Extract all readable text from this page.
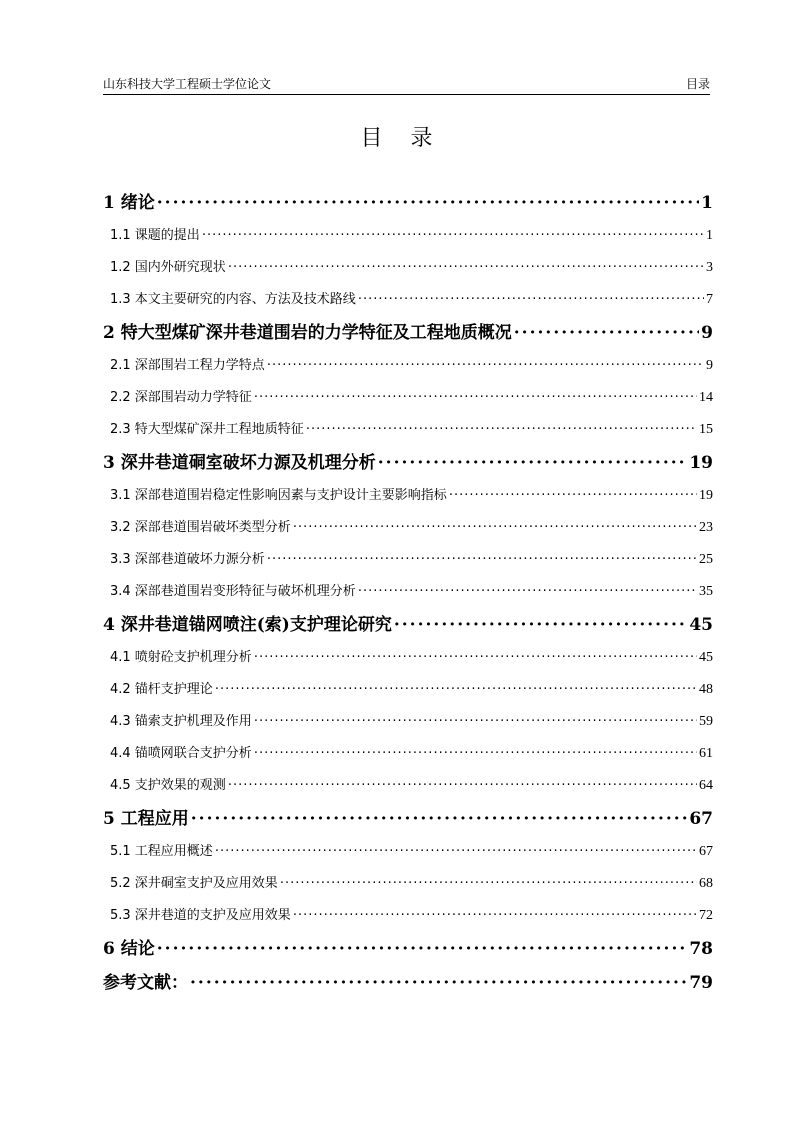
山东科技大学工程硕士学位论文	目录
目录
1 绪论 ·····	1
1.1 课题的提出 ·····	1
1.2 国内外研究现状 ·····	3
1.3 本文主要研究的内容、方法及技术路线 ·····	7
2 特大型煤矿深井巷道围岩的力学特征及工程地质概况 ·····	9
2.1 深部围岩工程力学特点 ·····	9
2.2 深部围岩动力学特征 ·····	14
2.3 特大型煤矿深井工程地质特征 ·····	15
3 深井巷道硐室破坏力源及机理分析 ·····	19
3.1 深部巷道围岩稳定性影响因素与支护设计主要影响指标 ·····	19
3.2 深部巷道围岩破坏类型分析 ·····	23
3.3 深部巷道破坏力源分析 ·····	25
3.4 深部巷道围岩变形特征与破坏机理分析 ·····	35
4 深井巷道锚网喷注(索)支护理论研究 ·····	45
4.1 喷射砼支护机理分析 ·····	45
4.2 锚杆支护理论 ·····	48
4.3 锚索支护机理及作用 ·····	59
4.4 锚喷网联合支护分析 ·····	61
4.5 支护效果的观测 ·····	64
5 工程应用 ·····	67
5.1 工程应用概述 ·····	67
5.2 深井硐室支护及应用效果 ·····	68
5.3 深井巷道的支护及应用效果 ·····	72
6 结论 ·····	78
参考文献： ·····	79
